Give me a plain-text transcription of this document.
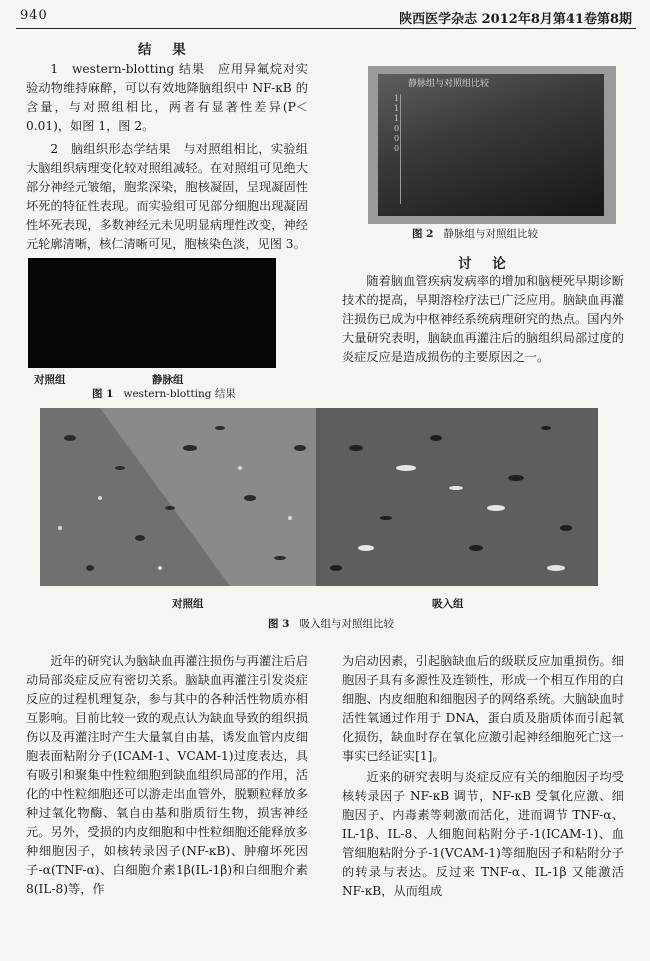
940	陕西医学杂志 2012年8月第41卷第8期
结 果

1　western-blotting 结果　应用异氟烷对实验动物维持麻醉，可以有效地降脑组织中 NF-κB 的含量，与对照组相比，两者有显著性差异(P＜0.01)，如图 1，图 2。

2　脑组织形态学结果　与对照组相比，实验组大脑组织病理变化较对照组减轻。在对照组可见绝大部分神经元皱缩，胞浆深染，胞核凝固，呈现凝固性坏死的特征性表现。而实验组可见部分细胞出现凝固性坏死表现，多数神经元未见明显病理性改变，神经元轮廓清晰，核仁清晰可见，胞核染色淡，见图 3。

对照组	静脉组
图 1 western-blotting 结果
静脉组与对照组比较
1
1
1
0
0
0
图 2 静脉组与对照组比较
讨 论

随着脑血管疾病发病率的增加和脑梗死早期诊断技术的提高，早期溶栓疗法已广泛应用。脑缺血再灌注损伤已成为中枢神经系统病理研究的热点。国内外大量研究表明，脑缺血再灌注后的脑组织局部过度的炎症反应是造成损伤的主要原因之一。

对照组	吸入组
图 3 吸入组与对照组比较

近年的研究认为脑缺血再灌注损伤与再灌注后启动局部炎症反应有密切关系。脑缺血再灌注引发炎症反应的过程机理复杂，参与其中的各种活性物质亦相互影响。目前比较一致的观点认为缺血导致的组织损伤以及再灌注时产生大量氧自由基，诱发血管内皮细胞表面粘附分子(ICAM-1、VCAM-1)过度表达，具有吸引和聚集中性粒细胞到缺血组织局部的作用，活化的中性粒细胞还可以游走出血管外，脱颗粒释放多种过氧化物酶、氧自由基和脂质衍生物，损害神经元。另外，受损的内皮细胞和中性粒细胞还能释放多种细胞因子，如核转录因子(NF-κB)、肿瘤坏死因子-α(TNF-α)、白细胞介素1β(IL-1β)和白细胞介素8(IL-8)等，作

为启动因素，引起脑缺血后的级联反应加重损伤。细胞因子具有多源性及连锁性，形成一个相互作用的白细胞、内皮细胞和细胞因子的网络系统。大脑缺血时活性氧通过作用于 DNA，蛋白质及脂质体而引起氧化损伤，缺血时存在氧化应激引起神经细胞死亡这一事实已经证实[1]。

近来的研究表明与炎症反应有关的细胞因子均受核转录因子 NF-κB 调节，NF-κB 受氧化应激、细胞因子、内毒素等刺激而活化，进而调节 TNF-α、IL-1β、IL-8、人细胞间粘附分子-1(ICAM-1)、血管细胞粘附分子-1(VCAM-1)等细胞因子和粘附分子的转录与表达。反过来 TNF-α、IL-1β 又能激活 NF-κB，从而组成
